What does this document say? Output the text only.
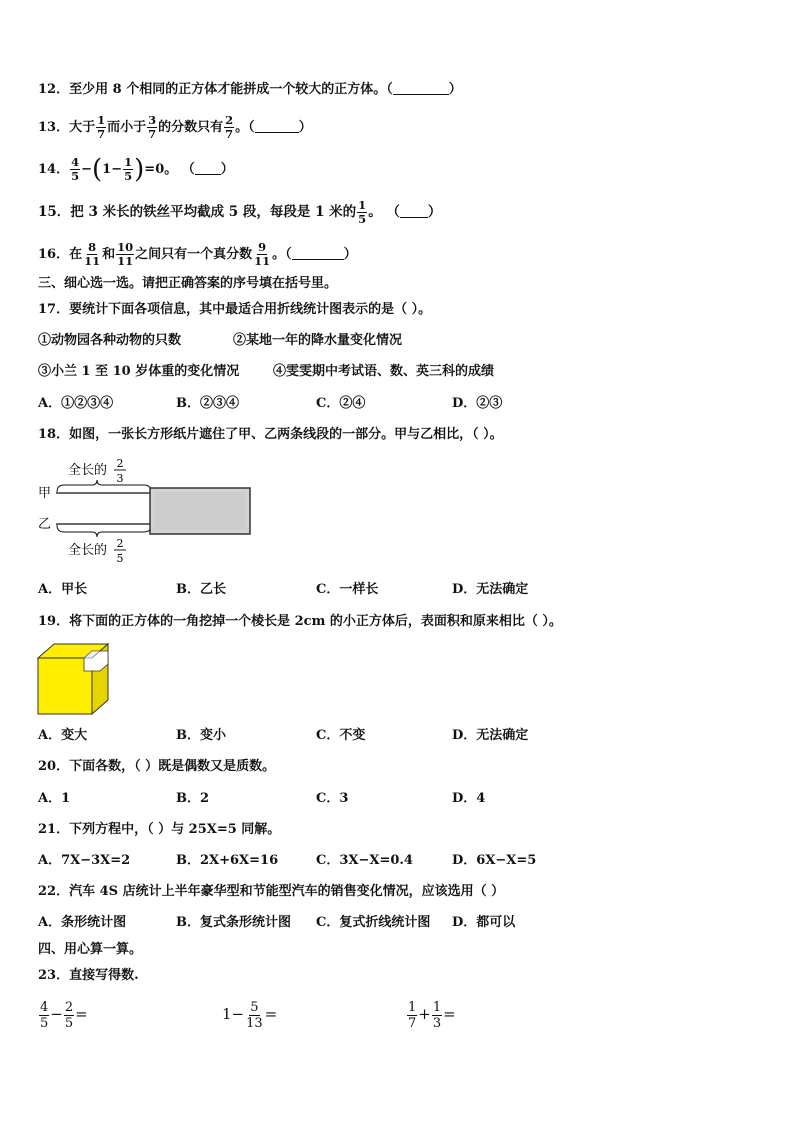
12．至少用 8 个相同的正方体才能拼成一个较大的正方体。（	）
13．大于 $\frac{1}{7}$ 而小于 $\frac{3}{7}$ 的分数只有 $\frac{2}{7}$ 。（	）
14． $\frac{4}{5} -(1- \frac{1}{5} )=0$。 （ ）
15．把 3 米长的铁丝平均截成 5 段，每段是 1 米的 $\frac{1}{5}$ 。 （ ）
16．在 $\frac{8}{11}$ 和 $\frac{10}{11}$ 之间只有一个真分数 $\frac{9}{11}$ 。（	）
三、细心选一选。请把正确答案的序号填在括号里。
17．要统计下面各项信息，其中最适合用折线统计图表示的是（ ）。
①动物园各种动物的只数	②某地一年的降水量变化情况
③小兰 1 至 10 岁体重的变化情况	④雯雯期中考试语、数、英三科的成绩
A．①②③④	B．②③④	C．②④	D．②③
18．如图，一张长方形纸片遮住了甲、乙两条线段的一部分。甲与乙相比，（ ）。
全长的 2
3
甲
乙
全长的 2
5
A．甲长	B．乙长	C．一样长	D．无法确定
19．将下面的正方体的一角挖掉一个棱长是 2cm 的小正方体后，表面积和原来相比（ ）。
A．变大	B．变小	C．不变	D．无法确定
20．下面各数，（ ）既是偶数又是质数。
A．1	B．2	C．3	D．4
21．下列方程中，（ ）与 25X=5 同解。
A．7X−3X=2	B．2X+6X=16	C．3X−X=0.4	D．6X−X=5
22．汽车 4S 店统计上半年豪华型和节能型汽车的销售变化情况，应该选用（ ）
A．条形统计图	B．复式条形统计图 C．复式折线统计图 D．都可以
四、用心算一算。
23．直接写得数.
$\frac{4}{5} - \frac{2}{5}$ =	$1- \frac{5}{13}$ =	$\frac{1}{7} + \frac{1}{3}$ =
